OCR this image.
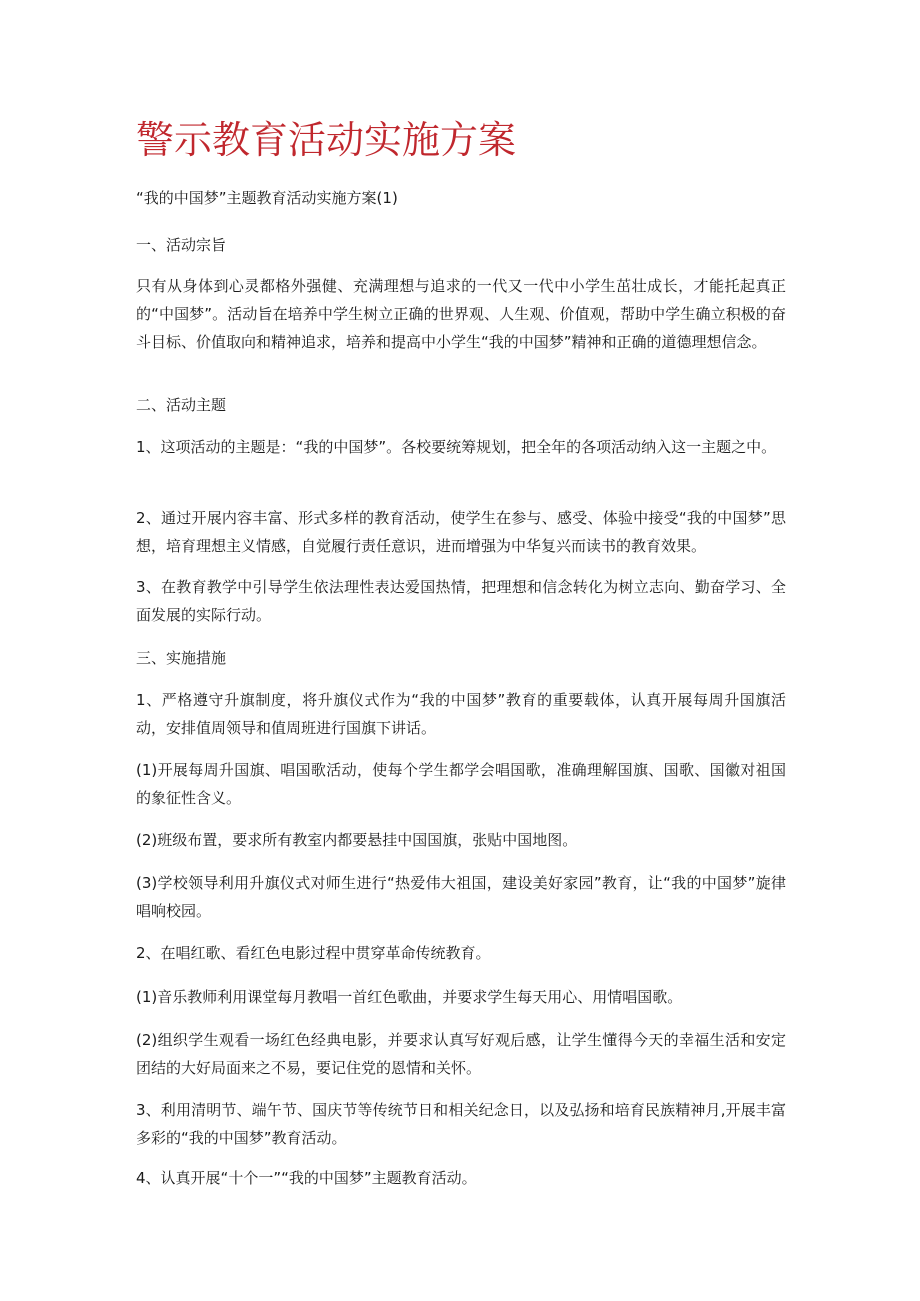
警示教育活动实施方案

“我的中国梦”主题教育活动实施方案(1)

一、活动宗旨

只有从身体到心灵都格外强健、充满理想与追求的一代又一代中小学生茁壮成长，才能托起真正的“中国梦”。活动旨在培养中学生树立正确的世界观、人生观、价值观，帮助中学生确立积极的奋斗目标、价值取向和精神追求，培养和提高中小学生“我的中国梦”精神和正确的道德理想信念。

二、活动主题

1、这项活动的主题是：“我的中国梦”。各校要统筹规划，把全年的各项活动纳入这一主题之中。

2、通过开展内容丰富、形式多样的教育活动，使学生在参与、感受、体验中接受“我的中国梦”思想，培育理想主义情感，自觉履行责任意识，进而增强为中华复兴而读书的教育效果。

3、在教育教学中引导学生依法理性表达爱国热情，把理想和信念转化为树立志向、勤奋学习、全面发展的实际行动。

三、实施措施

1、严格遵守升旗制度，将升旗仪式作为“我的中国梦”教育的重要载体，认真开展每周升国旗活动，安排值周领导和值周班进行国旗下讲话。

(1)开展每周升国旗、唱国歌活动，使每个学生都学会唱国歌，准确理解国旗、国歌、国徽对祖国的象征性含义。

(2)班级布置，要求所有教室内都要悬挂中国国旗，张贴中国地图。

(3)学校领导利用升旗仪式对师生进行“热爱伟大祖国，建设美好家园”教育，让“我的中国梦”旋律唱响校园。

2、在唱红歌、看红色电影过程中贯穿革命传统教育。

(1)音乐教师利用课堂每月教唱一首红色歌曲，并要求学生每天用心、用情唱国歌。

(2)组织学生观看一场红色经典电影，并要求认真写好观后感，让学生懂得今天的幸福生活和安定团结的大好局面来之不易，要记住党的恩情和关怀。

3、利用清明节、端午节、国庆节等传统节日和相关纪念日，以及弘扬和培育民族精神月,开展丰富多彩的“我的中国梦”教育活动。

4、认真开展“十个一”“我的中国梦”主题教育活动。
